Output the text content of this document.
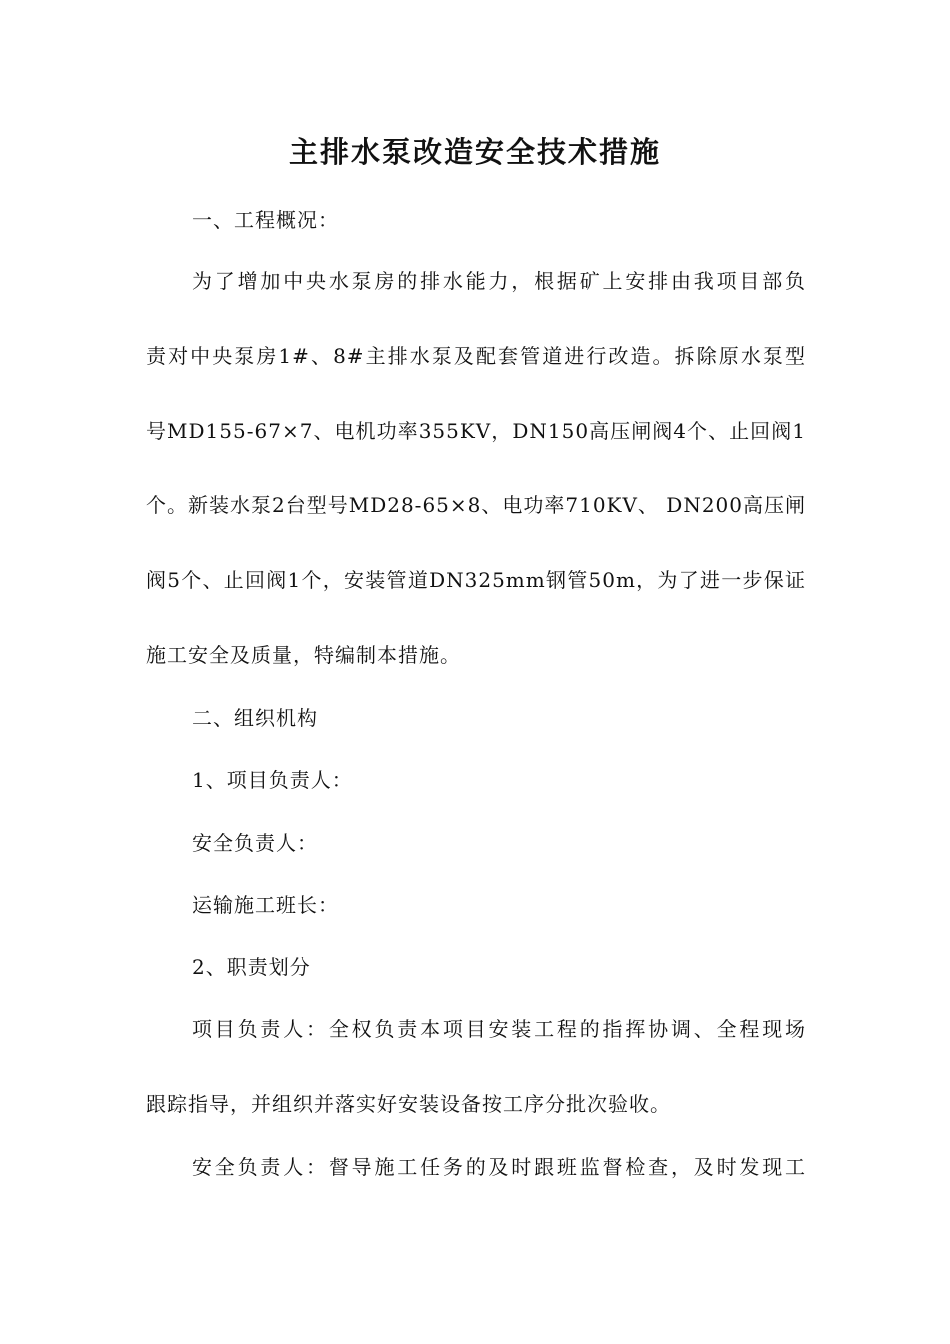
主排水泵改造安全技术措施
一、工程概况：
为了增加中央水泵房的排水能力，根据矿上安排由我项目部负
责对中央泵房1#、8#主排水泵及配套管道进行改造。拆除原水泵型
号MD155-67×7、电机功率355KV，DN150高压闸阀4个、止回阀1
个。新装水泵2台型号MD28-65×8、电功率710KV、 DN200高压闸
阀5个、止回阀1个，安装管道DN325mm钢管50m，为了进一步保证
施工安全及质量，特编制本措施。
二、组织机构
1、项目负责人：
安全负责人：
运输施工班长：
2、职责划分
项目负责人：全权负责本项目安装工程的指挥协调、全程现场
跟踪指导，并组织并落实好安装设备按工序分批次验收。
安全负责人：督导施工任务的及时跟班监督检查，及时发现工
